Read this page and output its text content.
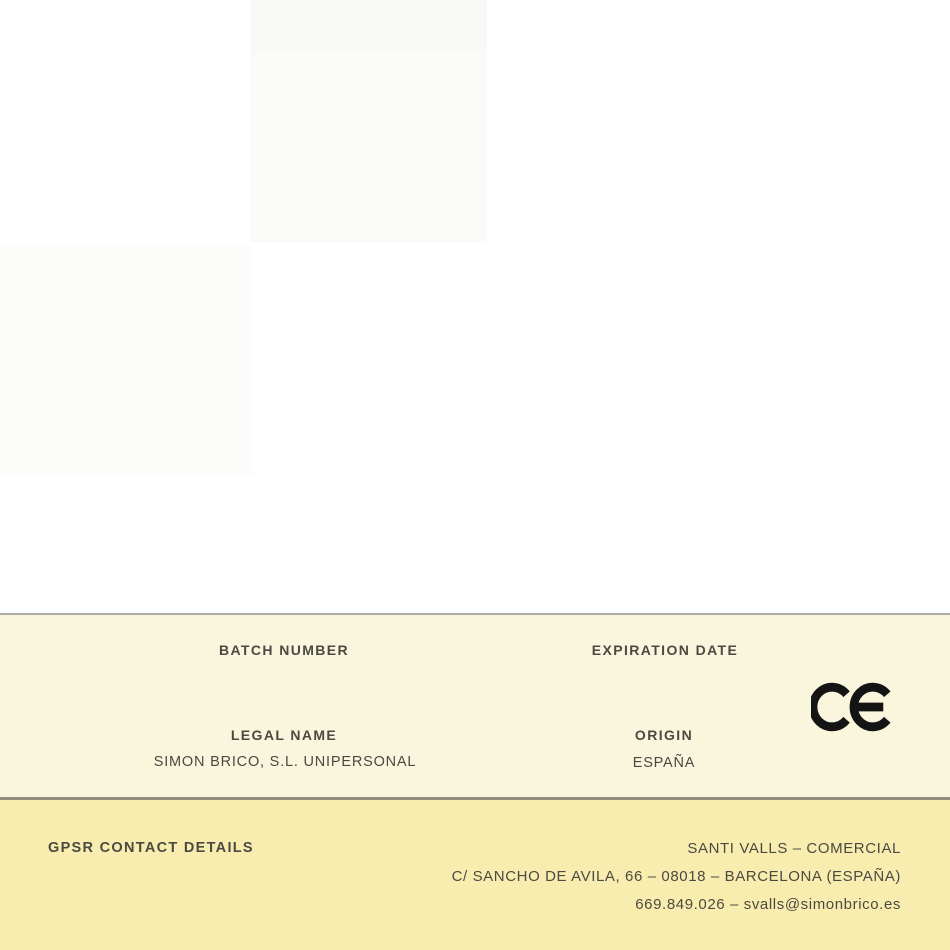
BATCH NUMBER	EXPIRATION DATE
LEGAL NAME
SIMON BRICO, S.L. UNIPERSONAL
ORIGIN
ESPAÑA
GPSR CONTACT DETAILS	SANTI VALLS – COMERCIAL
C/ SANCHO DE AVILA, 66 – 08018 – BARCELONA (ESPAÑA)
669.849.026 – svalls@simonbrico.es
